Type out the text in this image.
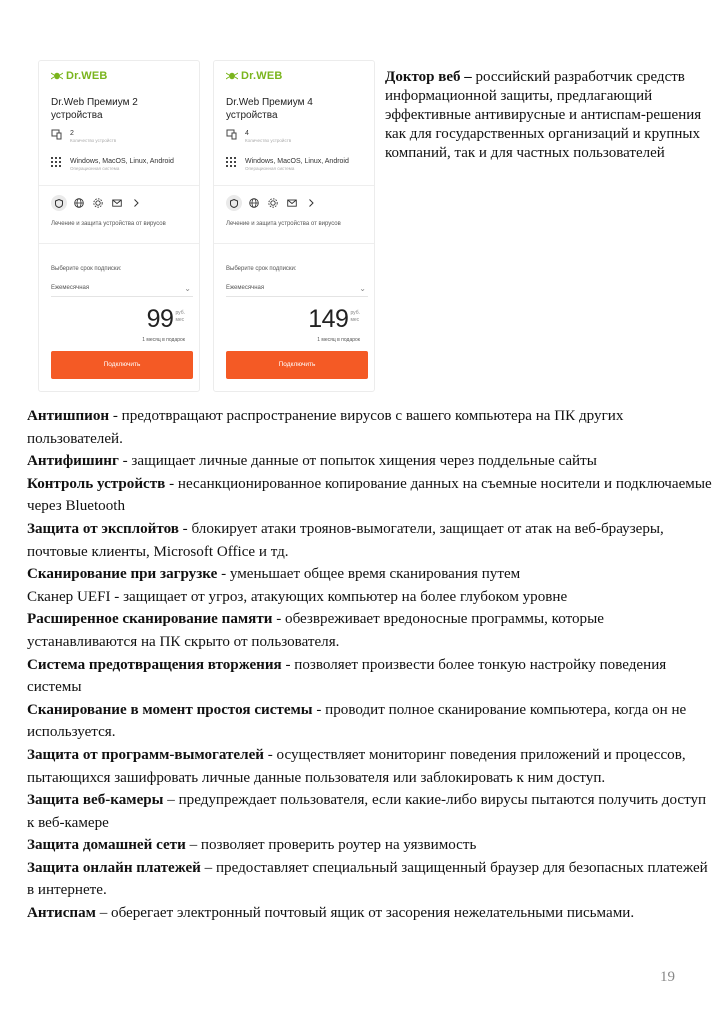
Dr.WEB
Dr.Web Премиум 2 устройства
2
Количество устройств
Windows, MacOS, Linux, Android
Операционная система
Лечение и защита устройства от вирусов
Выберите срок подписки:
Ежемесячная	⌄
99 руб.
мес
1 месяц в подарок
Подключить
Dr.WEB
Dr.Web Премиум 4 устройства
4
Количество устройств
Windows, MacOS, Linux, Android
Операционная система
Лечение и защита устройства от вирусов
Выберите срок подписки:
Ежемесячная	⌄
149 руб.
мес
1 месяц в подарок
Подключить

Доктор веб – российский разработчик средств информационной защиты, предлагающий эффективные антивирусные и антиспам-решения как для государственных организаций и крупных компаний, так и для частных пользователей

Антишпион - предотвращают распространение вирусов с вашего компьютера на ПК других пользователей.

Антифишинг - защищает личные данные от попыток хищения через поддельные сайты

Контроль устройств - несанкционированное копирование данных на съемные носители и подключаемые через Bluetooth

Защита от эксплойтов - блокирует атаки троянов-вымогатели, защищает от атак на веб-браузеры, почтовые клиенты, Microsoft Office и тд.

Сканирование при загрузке - уменьшает общее время сканирования путем

Сканер UEFI - защищает от угроз, атакующих компьютер на более глубоком уровне

Расширенное сканирование памяти - обезвреживает вредоносные программы, которые устанавливаются на ПК скрыто от пользователя.

Система предотвращения вторжения - позволяет произвести более тонкую настройку поведения системы

Сканирование в момент простоя системы - проводит полное сканирование компьютера, когда он не используется.

Защита от программ-вымогателей - осуществляет мониторинг поведения приложений и процессов, пытающихся зашифровать личные данные пользователя или заблокировать к ним доступ.

Защита веб-камеры – предупреждает пользователя, если какие-либо вирусы пытаются получить доступ к веб-камере

Защита домашней сети – позволяет проверить роутер на уязвимость

Защита онлайн платежей – предоставляет специальный защищенный браузер для безопасных платежей в интернете.

Антиспам – оберегает электронный почтовый ящик от засорения нежелательными письмами.

19
